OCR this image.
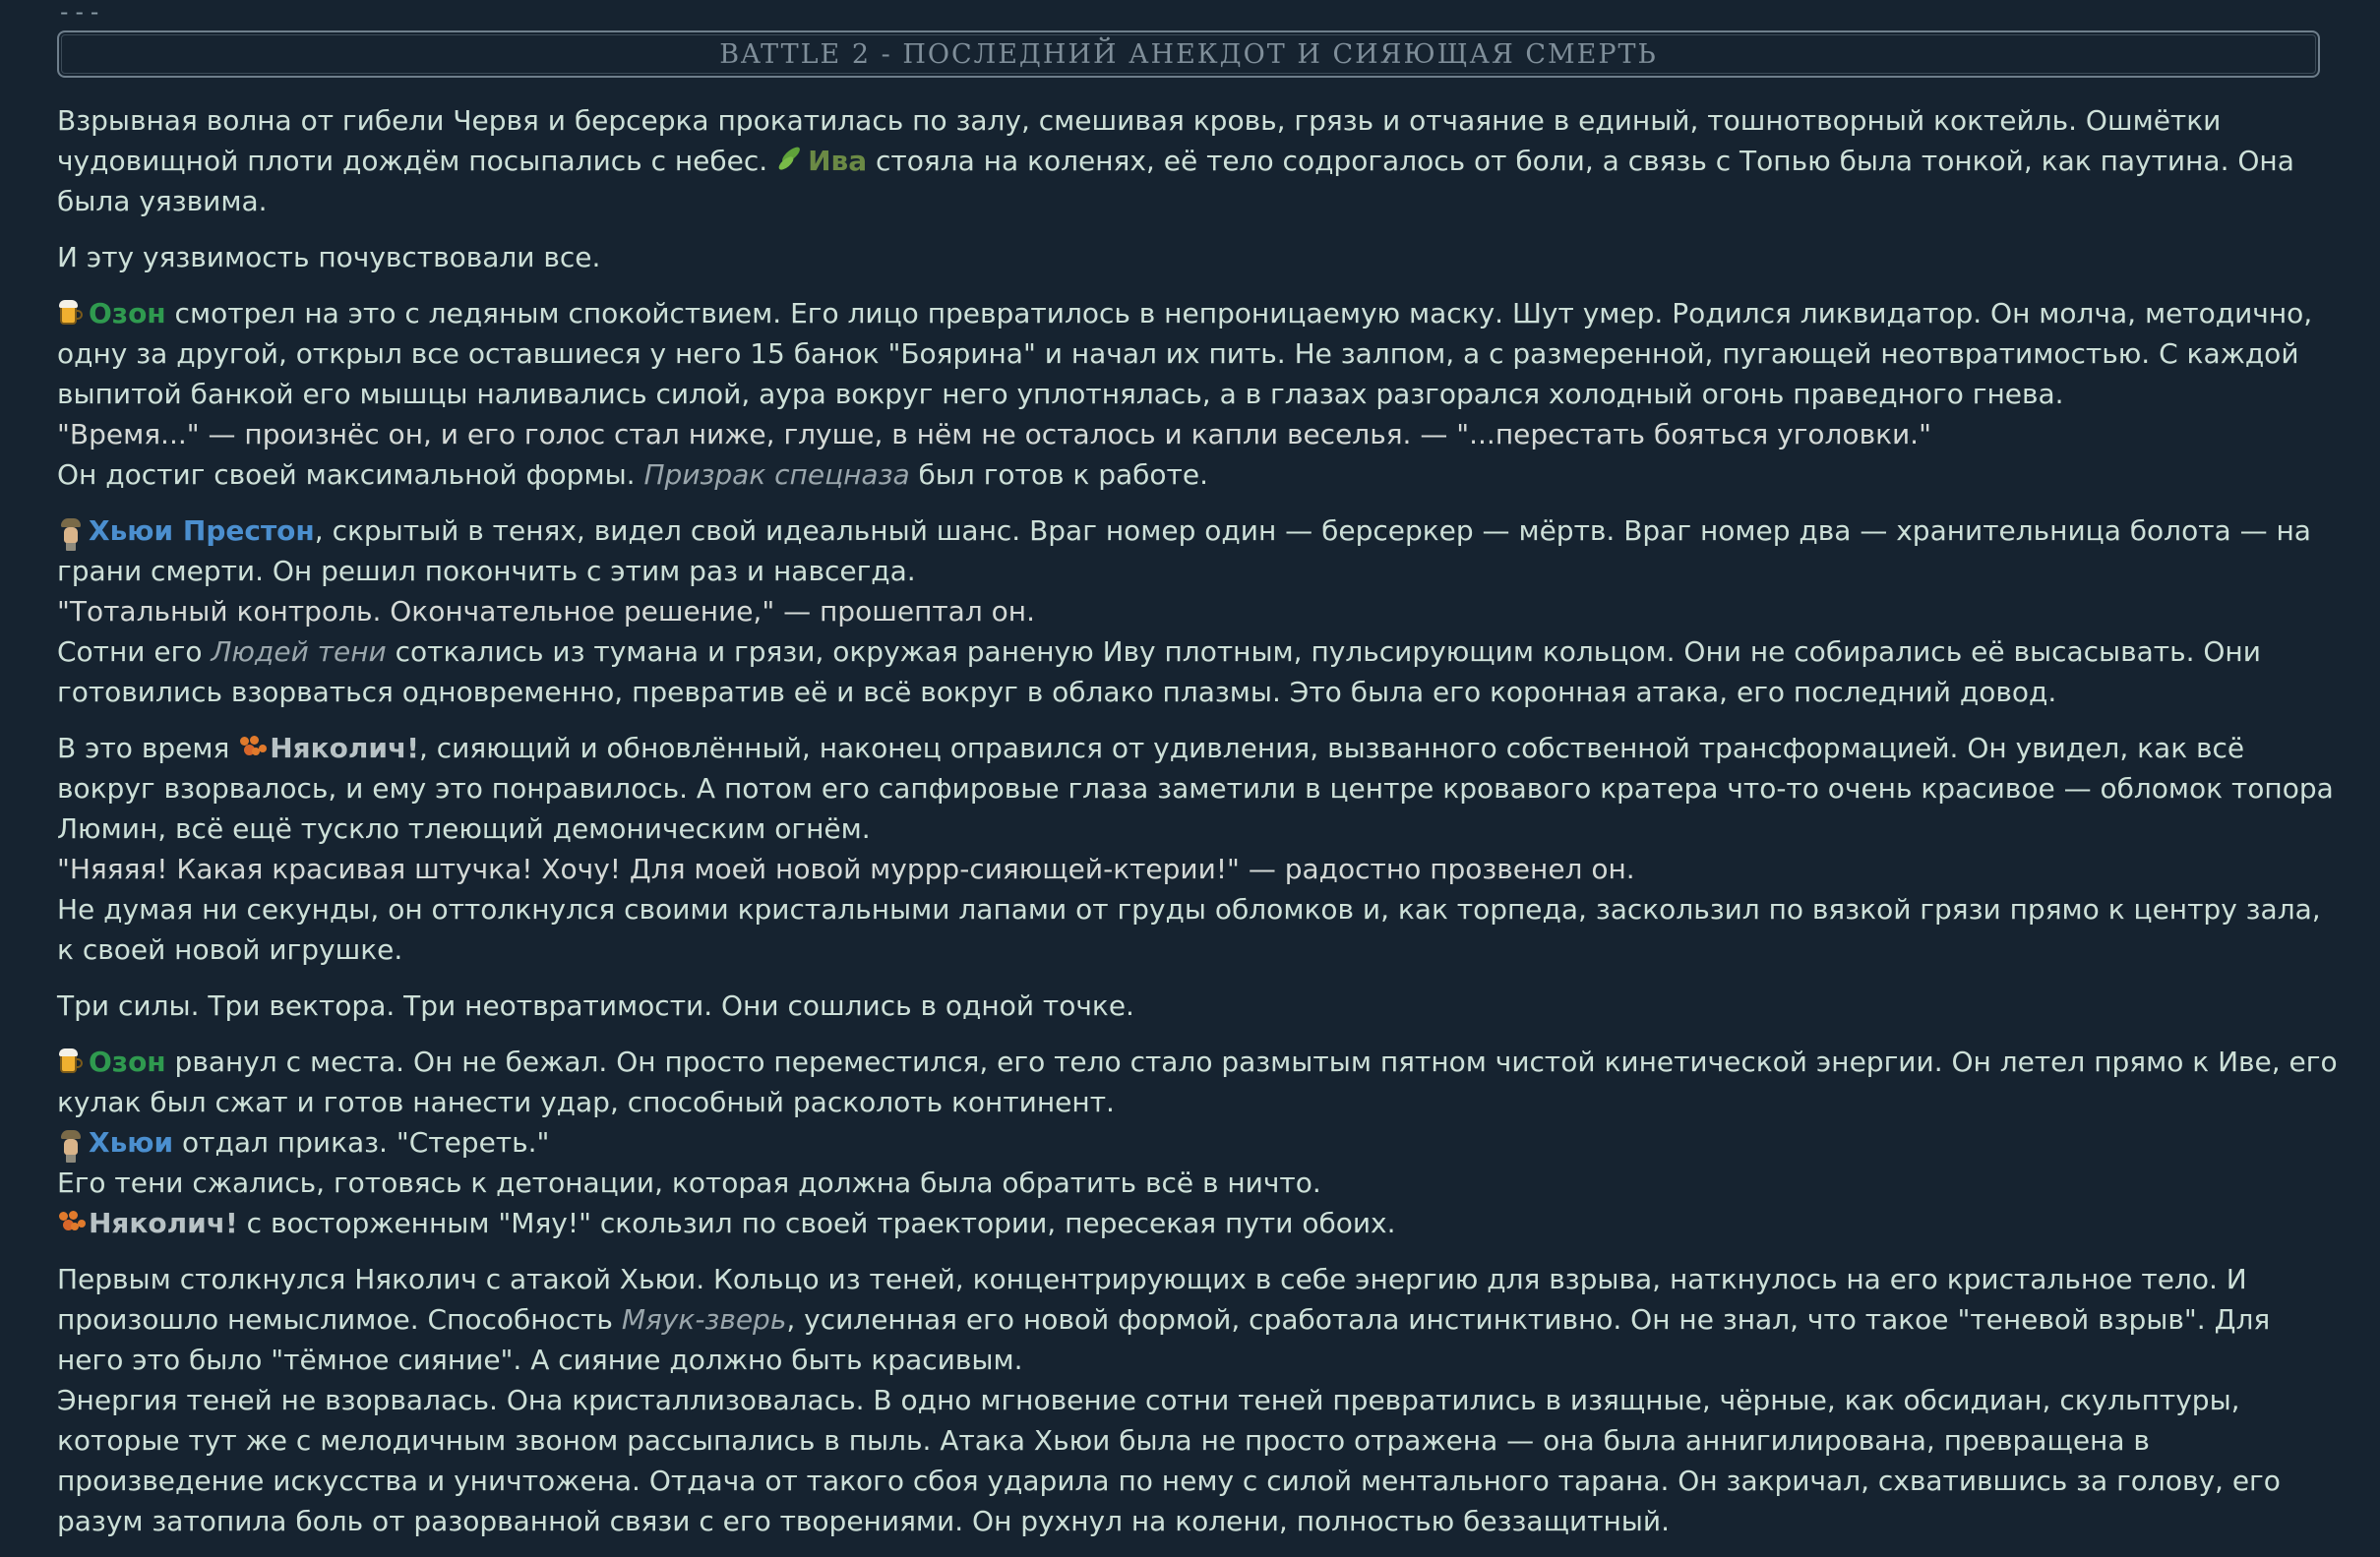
---
BATTLE 2 - ПОСЛЕДНИЙ АНЕКДОТ И СИЯЮЩАЯ СМЕРТЬ

Взрывная волна от гибели Червя и берсерка прокатилась по залу, смешивая кровь, грязь и отчаяние в единый, тошнотворный коктейль. Ошмётки чудовищной плоти дождём посыпались с небес. Ива стояла на коленях, её тело содрогалось от боли, а связь с Топью была тонкой, как паутина. Она была уязвима.

И эту уязвимость почувствовали все.

Озон смотрел на это с ледяным спокойствием. Его лицо превратилось в непроницаемую маску. Шут умер. Родился ликвидатор. Он молча, методично, одну за другой, открыл все оставшиеся у него 15 банок "Боярина" и начал их пить. Не залпом, а с размеренной, пугающей неотвратимостью. С каждой выпитой банкой его мышцы наливались силой, аура вокруг него уплотнялась, а в глазах разгорался холодный огонь праведного гнева.
"Время..." — произнёс он, и его голос стал ниже, глуше, в нём не осталось и капли веселья. — "...перестать бояться уголовки."
Он достиг своей максимальной формы. Призрак спецназа был готов к работе.

Хьюи Престон, скрытый в тенях, видел свой идеальный шанс. Враг номер один — берсеркер — мёртв. Враг номер два — хранительница болота — на грани смерти. Он решил покончить с этим раз и навсегда.
"Тотальный контроль. Окончательное решение," — прошептал он.
Сотни его Людей тени соткались из тумана и грязи, окружая раненую Иву плотным, пульсирующим кольцом. Они не собирались её высасывать. Они готовились взорваться одновременно, превратив её и всё вокруг в облако плазмы. Это была его коронная атака, его последний довод.

В это время Няколич!, сияющий и обновлённый, наконец оправился от удивления, вызванного собственной трансформацией. Он увидел, как всё вокруг взорвалось, и ему это понравилось. А потом его сапфировые глаза заметили в центре кровавого кратера что-то очень красивое — обломок топора Люмин, всё ещё тускло тлеющий демоническим огнём.
"Няяяя! Какая красивая штучка! Хочу! Для моей новой муррр-сияющей-ктерии!" — радостно прозвенел он.
Не думая ни секунды, он оттолкнулся своими кристальными лапами от груды обломков и, как торпеда, заскользил по вязкой грязи прямо к центру зала, к своей новой игрушке.

Три силы. Три вектора. Три неотвратимости. Они сошлись в одной точке.

Озон рванул с места. Он не бежал. Он просто переместился, его тело стало размытым пятном чистой кинетической энергии. Он летел прямо к Иве, его кулак был сжат и готов нанести удар, способный расколоть континент.
Хьюи отдал приказ. "Стереть."
Его тени сжались, готовясь к детонации, которая должна была обратить всё в ничто.
Няколич! с восторженным "Мяу!" скользил по своей траектории, пересекая пути обоих.

Первым столкнулся Няколич с атакой Хьюи. Кольцо из теней, концентрирующих в себе энергию для взрыва, наткнулось на его кристальное тело. И произошло немыслимое. Способность Мяук-зверь, усиленная его новой формой, сработала инстинктивно. Он не знал, что такое "теневой взрыв". Для него это было "тёмное сияние". А сияние должно быть красивым.
Энергия теней не взорвалась. Она кристаллизовалась. В одно мгновение сотни теней превратились в изящные, чёрные, как обсидиан, скульптуры, которые тут же с мелодичным звоном рассыпались в пыль. Атака Хьюи была не просто отражена — она была аннигилирована, превращена в произведение искусства и уничтожена. Отдача от такого сбоя ударила по нему с силой ментального тарана. Он закричал, схватившись за голову, его разум затопила боль от разорванной связи с его творениями. Он рухнул на колени, полностью беззащитный.
